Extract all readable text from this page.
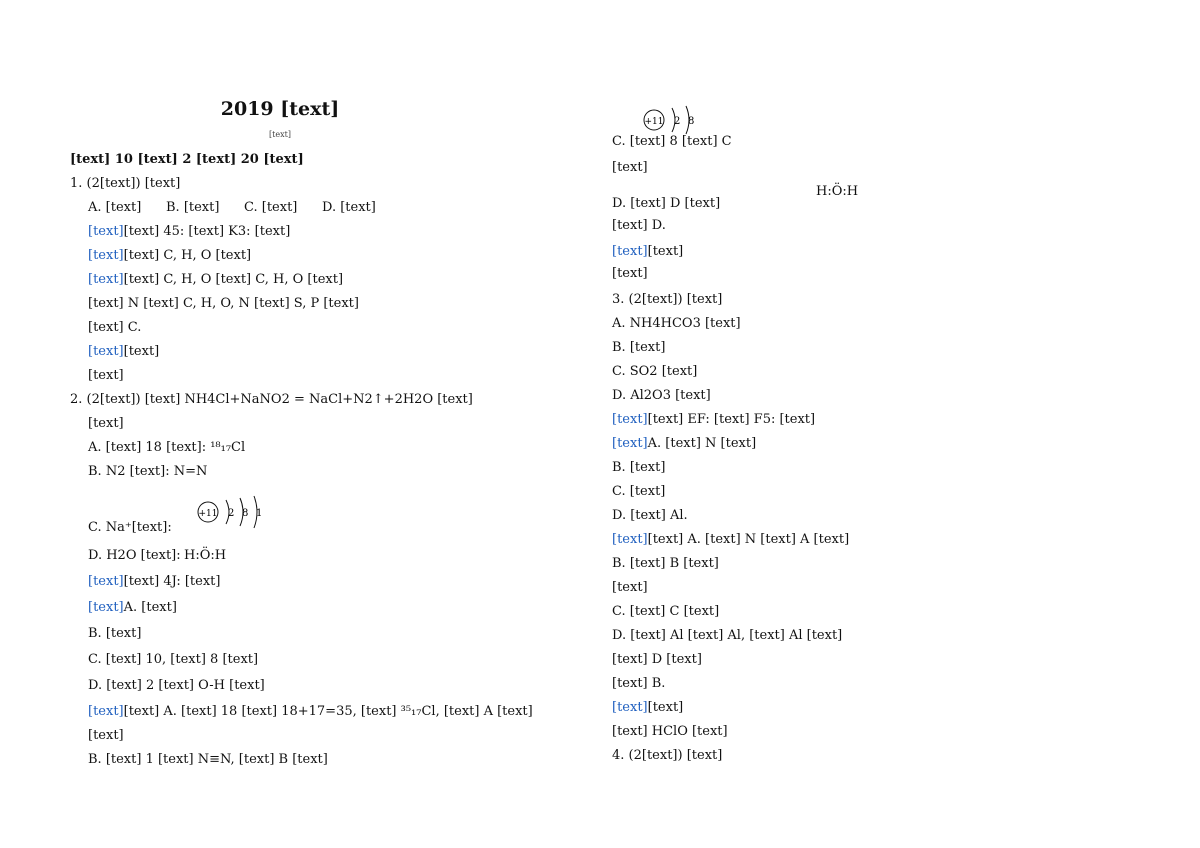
2019 [text]
[text]
[text] 10 [text] 2 [text] 20 [text]
1. (2[text]) [text]
A. [text] B. [text] C. [text] D. [text]
[text][text] 45: [text] K3: [text]
[text][text] C, H, O [text]
[text][text] C, H, O [text] C, H, O [text]
[text] N [text] C, H, O, N [text] S, P [text]
[text] C.
[text][text]
[text]
2. (2[text]) [text] NH4Cl+NaNO2 = NaCl+N2↑+2H2O [text]
[text]
A. [text] 18 [text]: ¹⁸₁₇Cl
B. N2 [text]: N=N
C. Na⁺[text]:
D. H2O [text]:
[text][text] 4J: [text]
[text]A. [text]
B. [text]
C. [text] 10, [text] 8 [text]
D. [text] 2 [text] O-H [text]
[text][text] A. [text] 18 [text] 18+17=35, [text] ³⁵₁₇Cl, [text] A [text]
[text]
B. [text] 1 [text] N≡N, [text] B [text]
C. [text] 8 [text] C
[text]
D. [text] D [text]
[text] D.
[text][text]
[text]
3. (2[text]) [text]
A. NH4HCO3 [text]
B. [text]
C. SO2 [text]
D. Al2O3 [text]
[text][text] EF: [text] F5: [text]
[text]A. [text] N [text]
B. [text]
C. [text]
D. [text] Al.
[text][text] A. [text] N [text] A [text]
B. [text] B [text]
[text]
C. [text] C [text]
D. [text] Al [text] Al, [text] Al [text]
[text] D [text]
[text] B.
[text][text]
[text] HClO [text]
4. (2[text]) [text]
+11 2 8 1
+11 2 8
H:Ö:H
H:Ö:H
